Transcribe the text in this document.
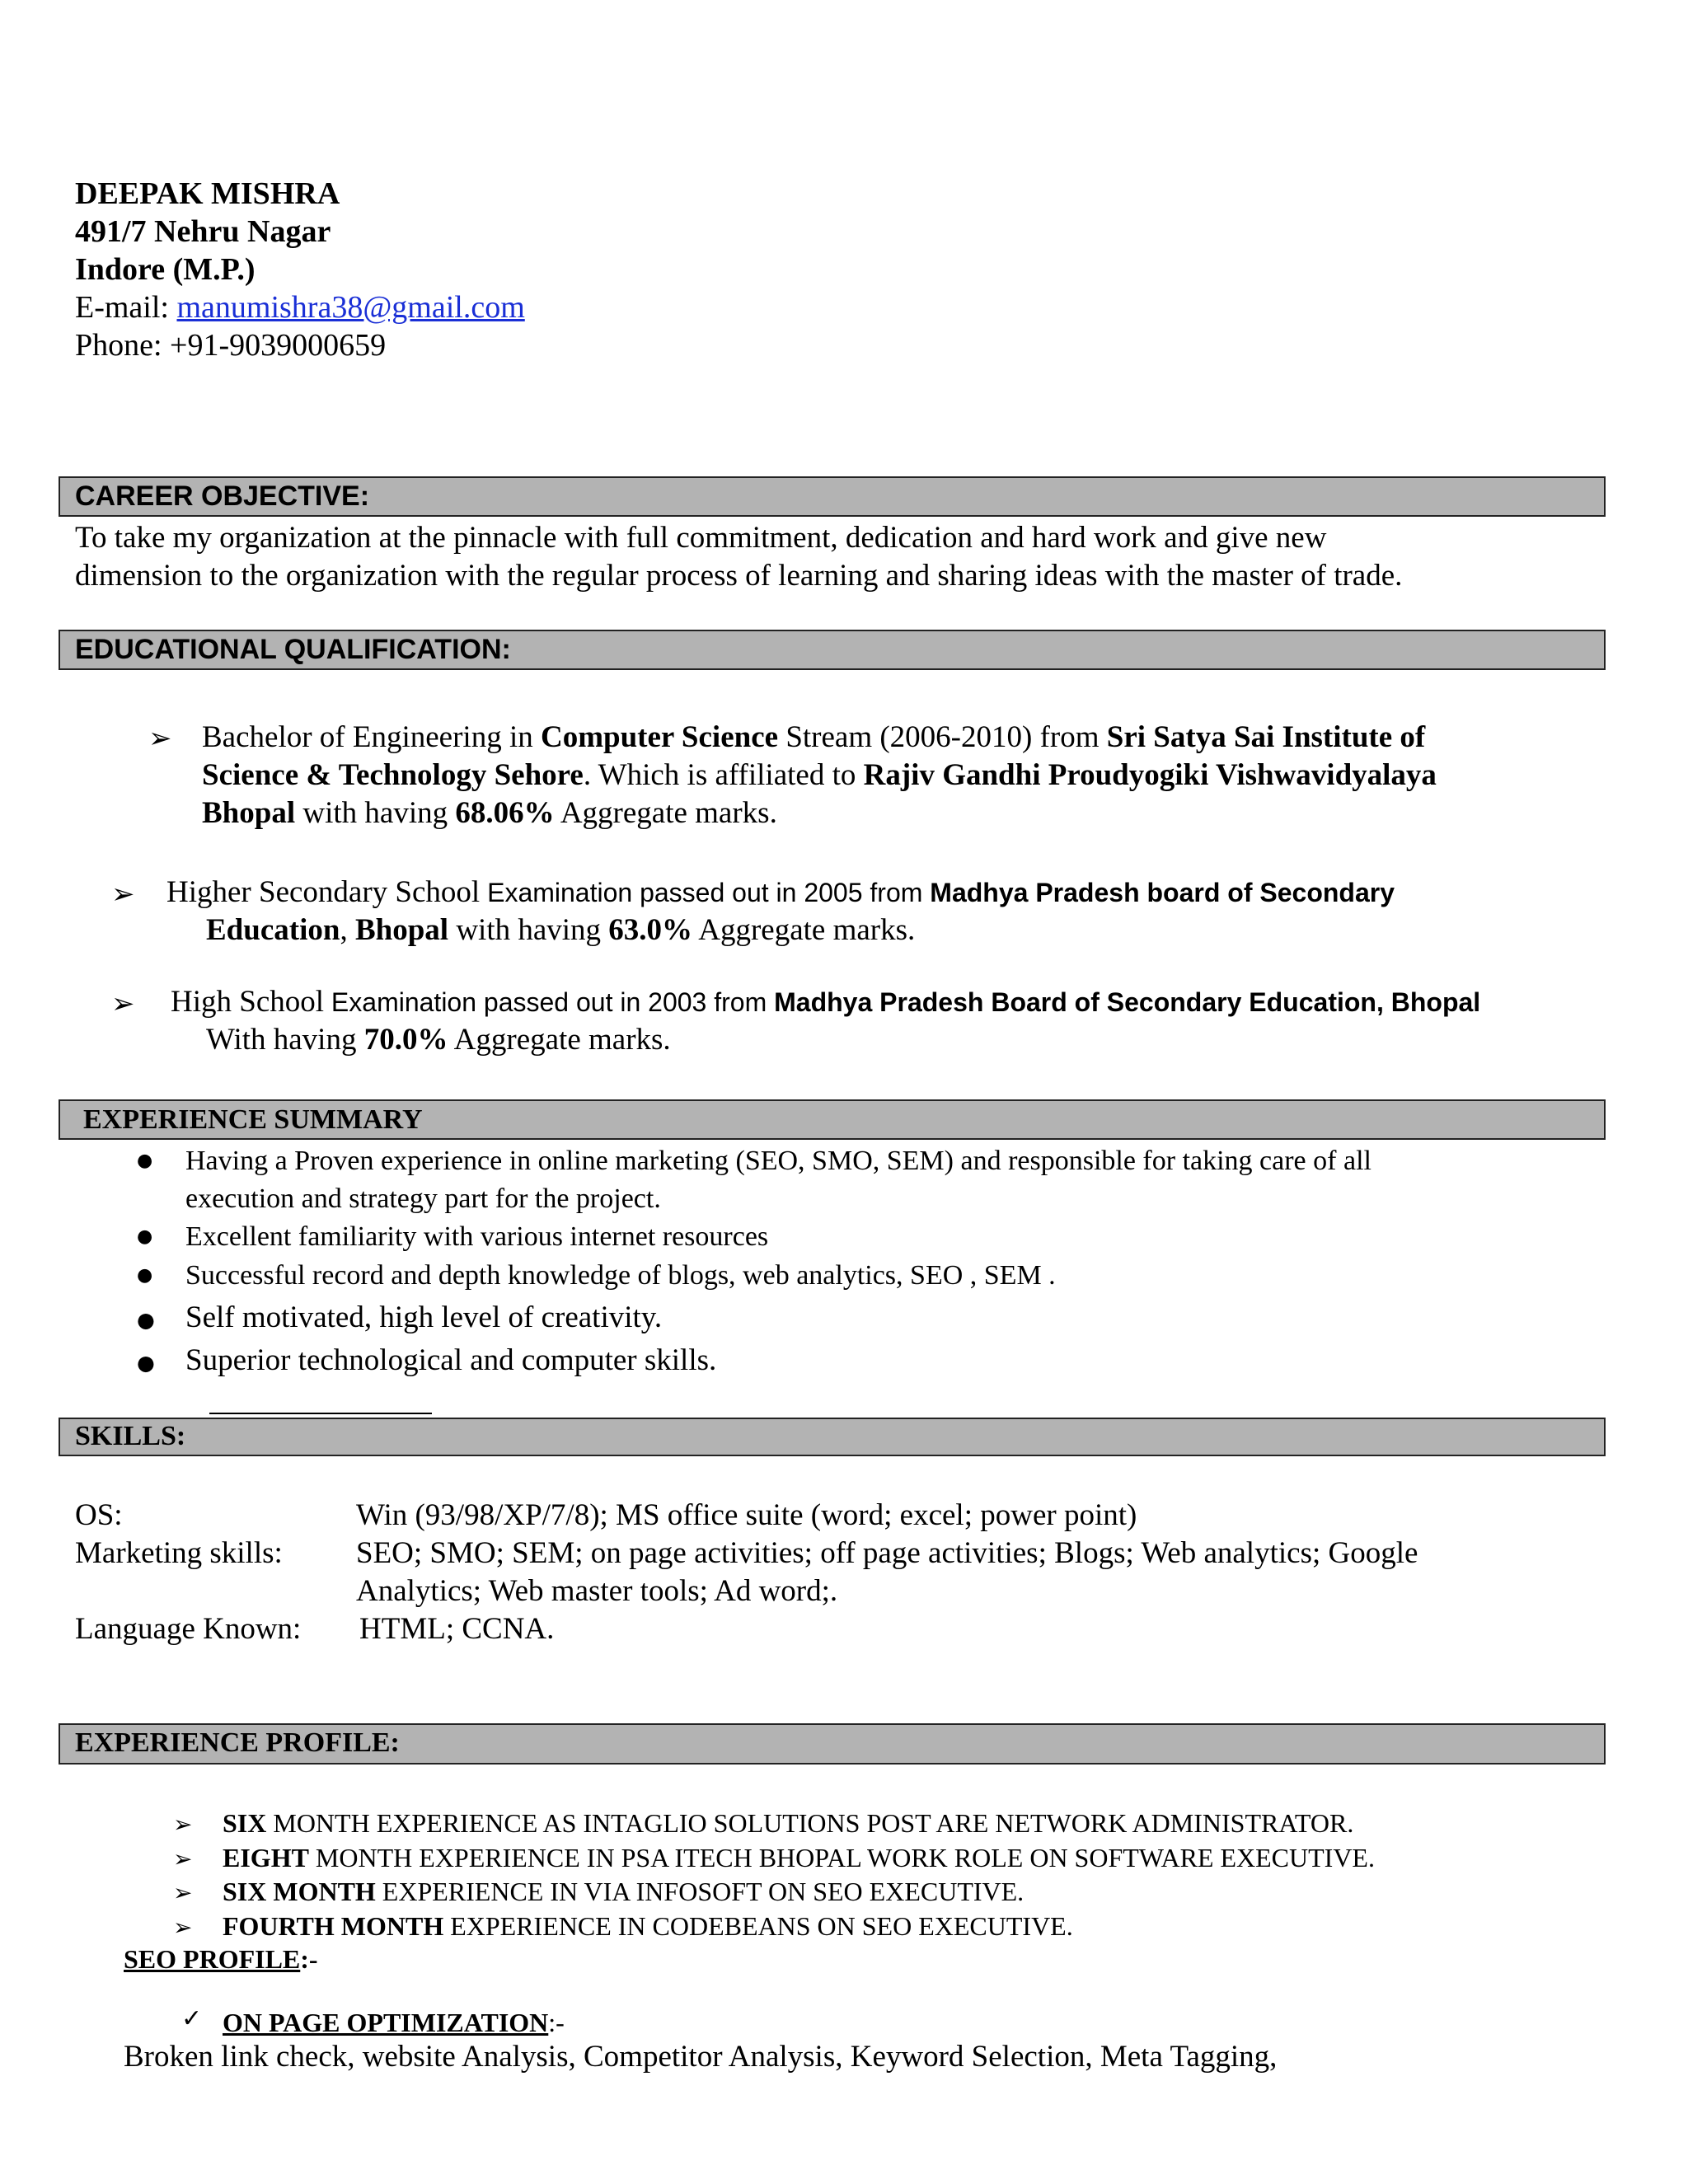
DEEPAK MISHRA
491/7 Nehru Nagar
Indore (M.P.)
E-mail: manumishra38@gmail.com
Phone: +91-9039000659
CAREER OBJECTIVE:
To take my organization at the pinnacle with full commitment, dedication and hard work and give new
dimension to the organization with the regular process of learning and sharing ideas with the master of trade.
EDUCATIONAL QUALIFICATION:
➢ Bachelor of Engineering in Computer Science Stream (2006-2010) from Sri Satya Sai Institute of
Science & Technology Sehore. Which is affiliated to Rajiv Gandhi Proudyogiki Vishwavidyalaya
Bhopal with having 68.06% Aggregate marks.
➢ Higher Secondary School Examination passed out in 2005 from Madhya Pradesh board of Secondary
Education, Bhopal with having 63.0% Aggregate marks.
➢ High School Examination passed out in 2003 from Madhya Pradesh Board of Secondary Education, Bhopal
With having 70.0% Aggregate marks.
EXPERIENCE SUMMARY
● Having a Proven experience in online marketing (SEO, SMO, SEM) and responsible for taking care of all
execution and strategy part for the project.
● Excellent familiarity with various internet resources
● Successful record and depth knowledge of blogs, web analytics, SEO , SEM .
● Self motivated, high level of creativity.
● Superior technological and computer skills.
SKILLS:
OS:	Win (93/98/XP/7/8); MS office suite (word; excel; power point)
Marketing skills: SEO; SMO; SEM; on page activities; off page activities; Blogs; Web analytics; Google
Analytics; Web master tools; Ad word;.
Language Known: HTML; CCNA.
EXPERIENCE PROFILE:
➢ SIX MONTH EXPERIENCE AS INTAGLIO SOLUTIONS POST ARE NETWORK ADMINISTRATOR.
➢ EIGHT MONTH EXPERIENCE IN PSA ITECH BHOPAL WORK ROLE ON SOFTWARE EXECUTIVE.
➢ SIX MONTH EXPERIENCE IN VIA INFOSOFT ON SEO EXECUTIVE.
➢ FOURTH MONTH EXPERIENCE IN CODEBEANS ON SEO EXECUTIVE.
SEO PROFILE:-
✓ ON PAGE OPTIMIZATION:-
Broken link check, website Analysis, Competitor Analysis, Keyword Selection, Meta Tagging,
